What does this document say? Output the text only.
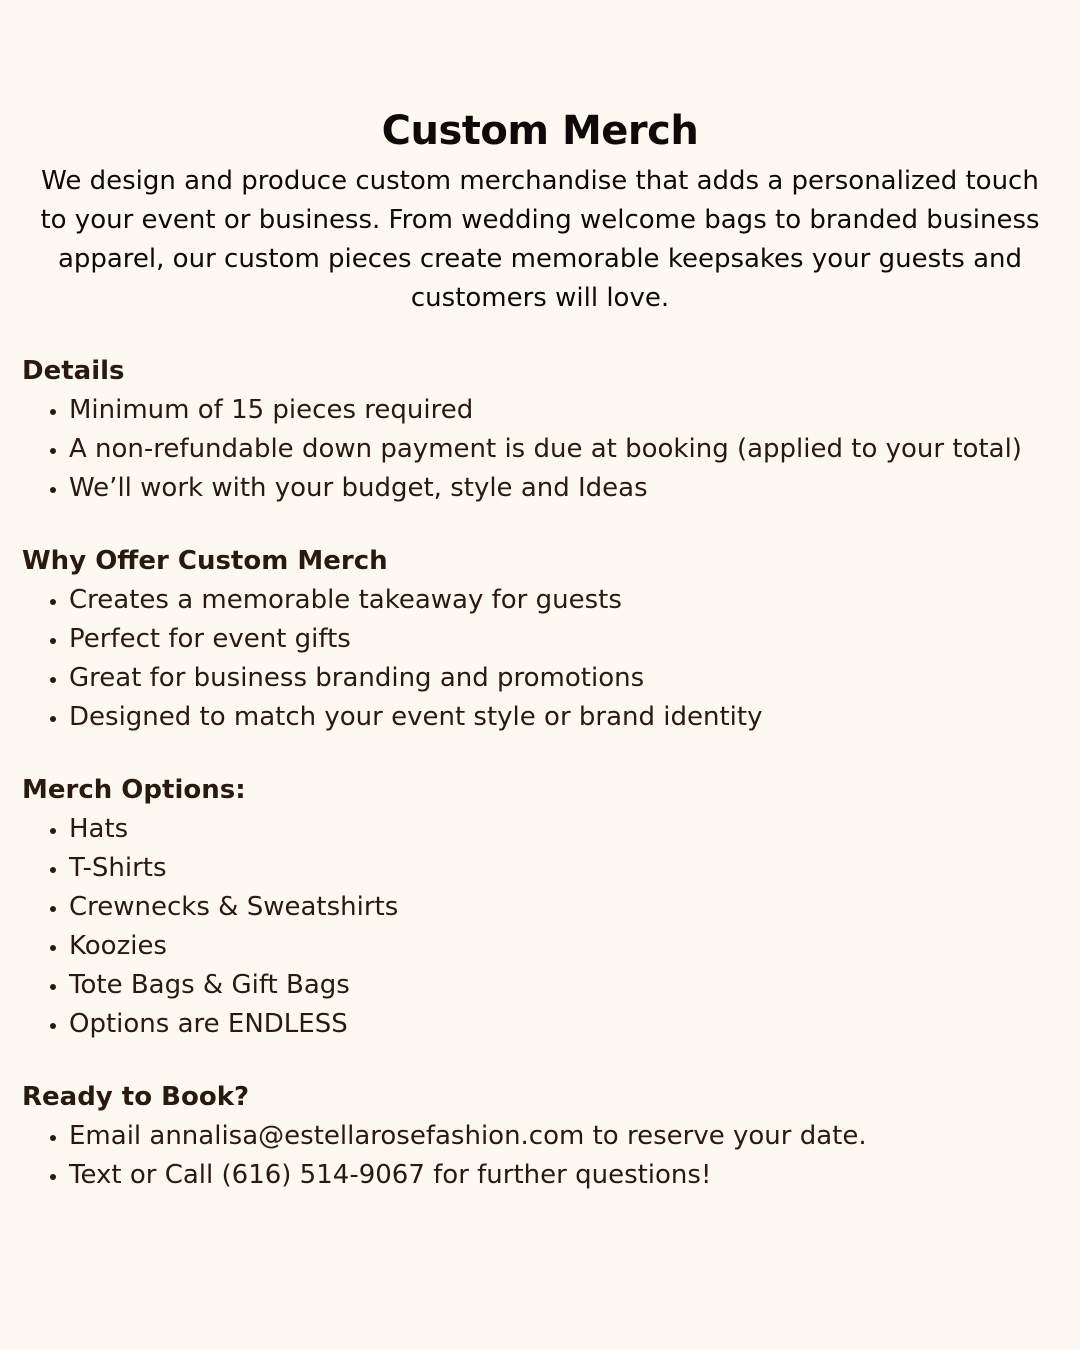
Custom Merch

We design and produce custom merchandise that adds a personalized touch to your event or business. From wedding welcome bags to branded business apparel, our custom pieces create memorable keepsakes your guests and customers will love.

Details
• Minimum of 15 pieces required
• A non-refundable down payment is due at booking (applied to your total)
• We’ll work with your budget, style and Ideas
Why Offer Custom Merch
• Creates a memorable takeaway for guests
• Perfect for event gifts
• Great for business branding and promotions
• Designed to match your event style or brand identity
Merch Options:
• Hats
• T-Shirts
• Crewnecks & Sweatshirts
• Koozies
• Tote Bags & Gift Bags
• Options are ENDLESS
Ready to Book?
• Email annalisa@estellarosefashion.com to reserve your date.
• Text or Call (616) 514-9067 for further questions!
